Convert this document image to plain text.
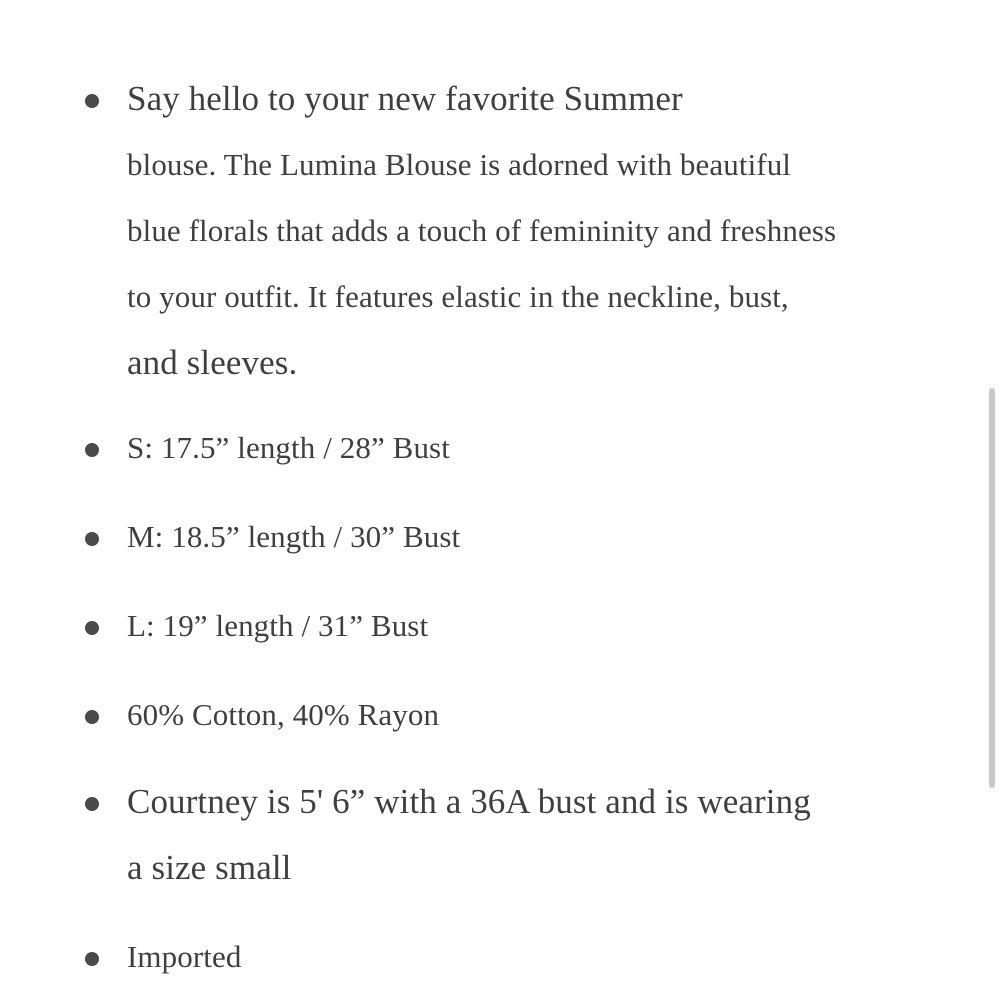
Say hello to your new favorite Summer
blouse. The Lumina Blouse is adorned with beautiful
blue florals that adds a touch of femininity and freshness
to your outfit. It features elastic in the neckline, bust,
and sleeves.
S: 17.5” length / 28” Bust
M: 18.5” length / 30” Bust
L: 19” length / 31” Bust
60% Cotton, 40% Rayon
Courtney is 5' 6” with a 36A bust and is wearing
a size small
Imported
